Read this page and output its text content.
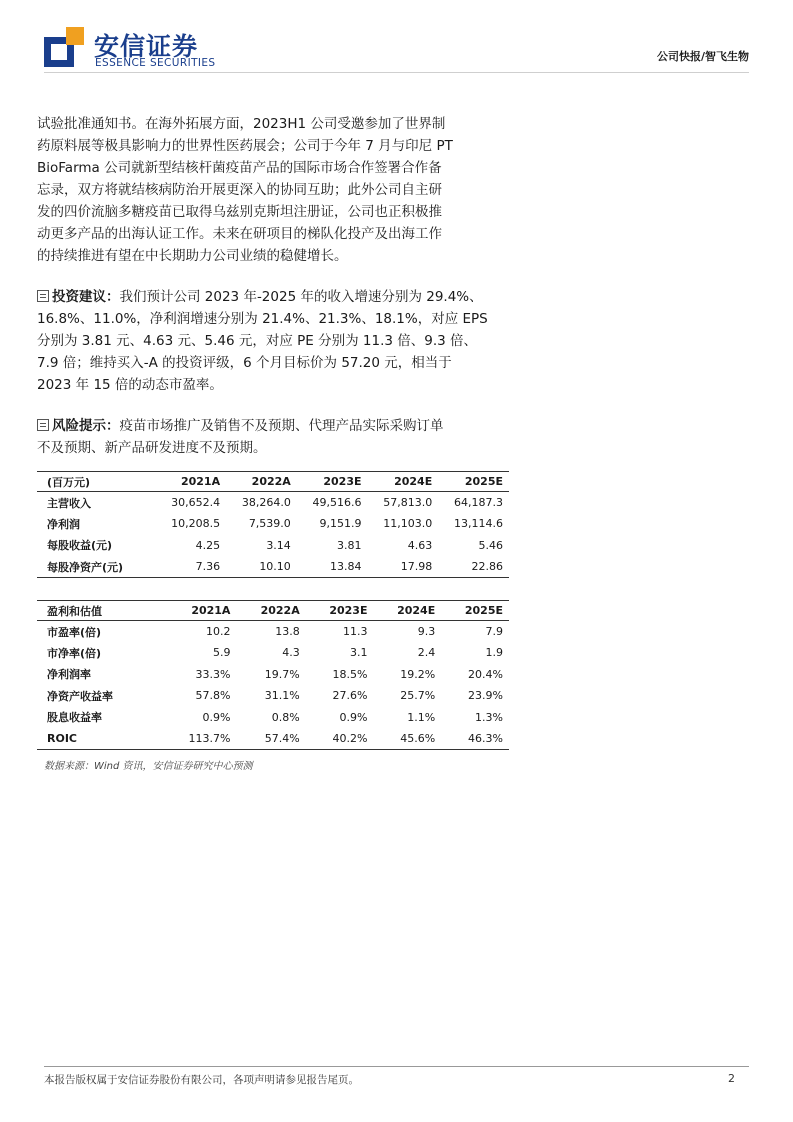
安信证券
ESSENCE SECURITIES	公司快报/智飞生物
试验批准通知书。在海外拓展方面，2023H1 公司受邀参加了世界制
药原料展等极具影响力的世界性医药展会；公司于今年 7 月与印尼 PT
BioFarma 公司就新型结核杆菌疫苗产品的国际市场合作签署合作备
忘录，双方将就结核病防治开展更深入的协同互助；此外公司自主研
发的四价流脑多糖疫苗已取得乌兹别克斯坦注册证，公司也正积极推
动更多产品的出海认证工作。未来在研项目的梯队化投产及出海工作
的持续推进有望在中长期助力公司业绩的稳健增长。
投资建议：我们预计公司 2023 年-2025 年的收入增速分别为 29.4%、
16.8%、11.0%，净利润增速分别为 21.4%、21.3%、18.1%，对应 EPS
分别为 3.81 元、4.63 元、5.46 元，对应 PE 分别为 11.3 倍、9.3 倍、
7.9 倍；维持买入-A 的投资评级，6 个月目标价为 57.20 元，相当于
2023 年 15 倍的动态市盈率。
风险提示：疫苗市场推广及销售不及预期、代理产品实际采购订单
不及预期、新产品研发进度不及预期。
(百万元)	2021A	2022A	2023E	2024E	2025E
主营收入	30,652.4	38,264.0	49,516.6	57,813.0	64,187.3
净利润	10,208.5	7,539.0	9,151.9	11,103.0	13,114.6
每股收益(元)	4.25	3.14	3.81	4.63	5.46
每股净资产(元)	7.36	10.10	13.84	17.98	22.86
盈利和估值	2021A	2022A	2023E	2024E	2025E
市盈率(倍)	10.2	13.8	11.3	9.3	7.9
市净率(倍)	5.9	4.3	3.1	2.4	1.9
净利润率	33.3%	19.7%	18.5%	19.2%	20.4%
净资产收益率	57.8%	31.1%	27.6%	25.7%	23.9%
股息收益率	0.9%	0.8%	0.9%	1.1%	1.3%
ROIC	113.7%	57.4%	40.2%	45.6%	46.3%
数据来源：Wind 资讯，安信证券研究中心预测
本报告版权属于安信证券股份有限公司，各项声明请参见报告尾页。	2
